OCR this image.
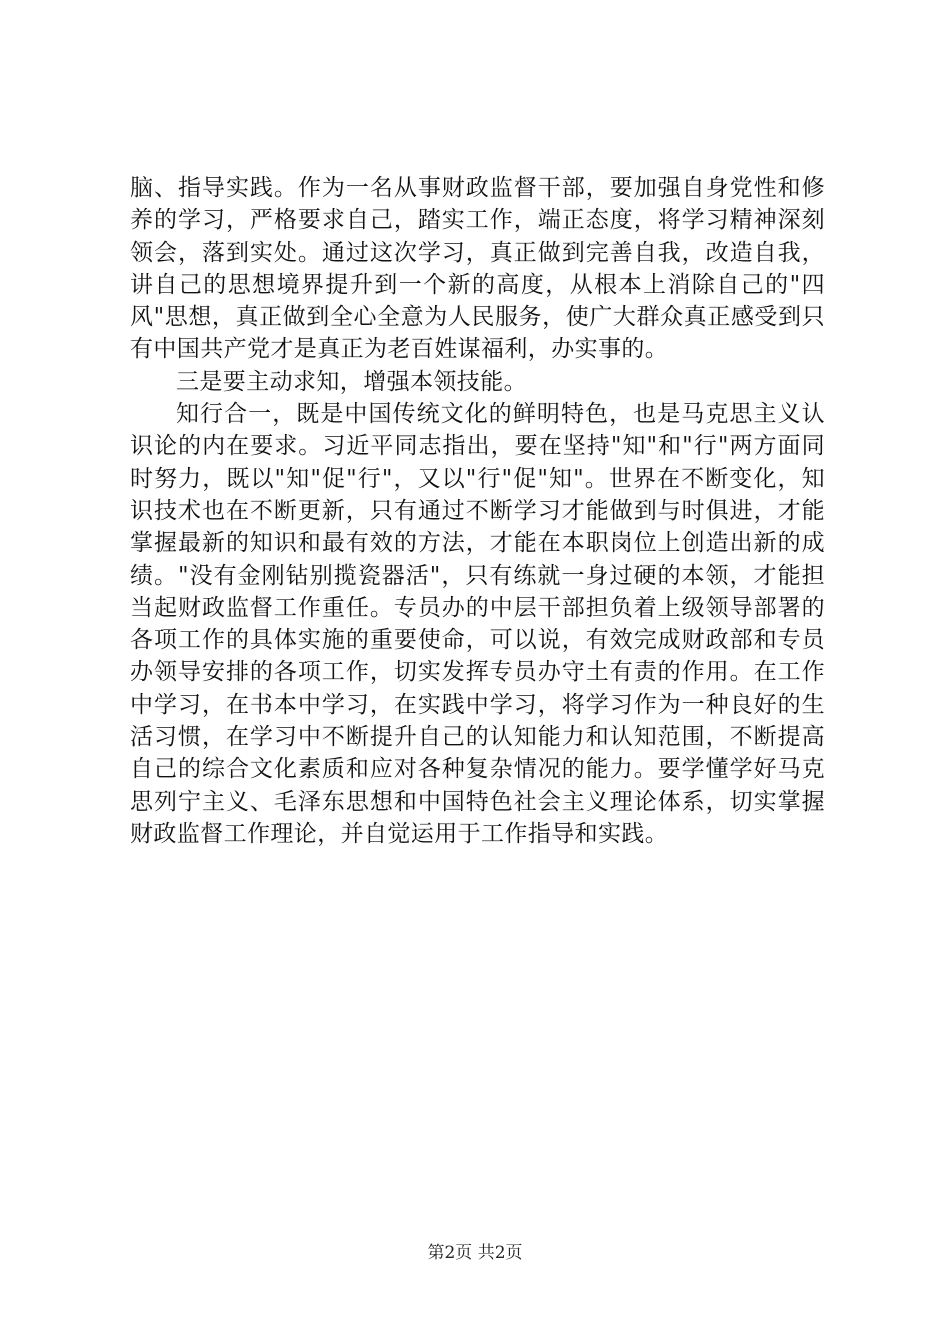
脑、指导实践。作为一名从事财政监督干部，要加强自身党性和修养的学习，严格要求自己，踏实工作，端正态度，将学习精神深刻领会，落到实处。通过这次学习，真正做到完善自我，改造自我，讲自己的思想境界提升到一个新的高度，从根本上消除自己的"四风"思想，真正做到全心全意为人民服务，使广大群众真正感受到只有中国共产党才是真正为老百姓谋福利，办实事的。

三是要主动求知，增强本领技能。

知行合一，既是中国传统文化的鲜明特色，也是马克思主义认识论的内在要求。习近平同志指出，要在坚持"知"和"行"两方面同时努力，既以"知"促"行"，又以"行"促"知"。世界在不断变化，知识技术也在不断更新，只有通过不断学习才能做到与时俱进，才能掌握最新的知识和最有效的方法，才能在本职岗位上创造出新的成绩。"没有金刚钻别揽瓷器活"，只有练就一身过硬的本领，才能担当起财政监督工作重任。专员办的中层干部担负着上级领导部署的各项工作的具体实施的重要使命，可以说，有效完成财政部和专员办领导安排的各项工作，切实发挥专员办守土有责的作用。在工作中学习，在书本中学习，在实践中学习，将学习作为一种良好的生活习惯，在学习中不断提升自己的认知能力和认知范围，不断提高自己的综合文化素质和应对各种复杂情况的能力。要学懂学好马克思列宁主义、毛泽东思想和中国特色社会主义理论体系，切实掌握财政监督工作理论，并自觉运用于工作指导和实践。

第2页 共2页
